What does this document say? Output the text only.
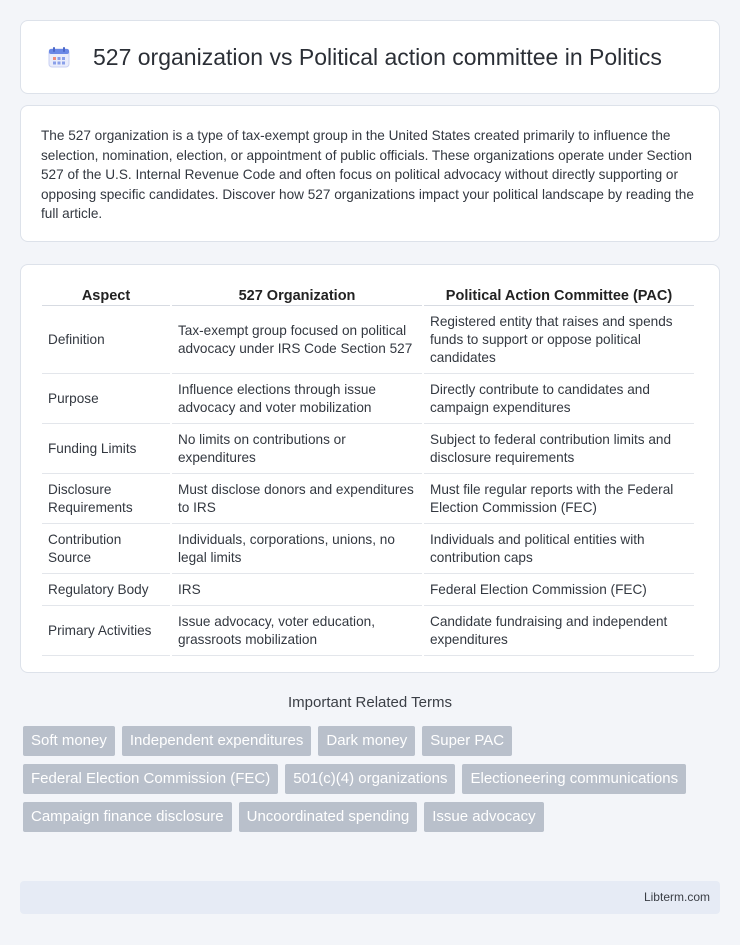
527 organization vs Political action committee in Politics

The 527 organization is a type of tax-exempt group in the United States created primarily to influence the selection, nomination, election, or appointment of public officials. These organizations operate under Section 527 of the U.S. Internal Revenue Code and often focus on political advocacy without directly supporting or opposing specific candidates. Discover how 527 organizations impact your political landscape by reading the full article.

Aspect	527 Organization	Political Action Committee (PAC)
Definition	Tax-exempt group focused on political advocacy under IRS Code Section 527	Registered entity that raises and spends funds to support or oppose political candidates
Purpose	Influence elections through issue advocacy and voter mobilization	Directly contribute to candidates and campaign expenditures
Funding Limits	No limits on contributions or expenditures	Subject to federal contribution limits and disclosure requirements
Disclosure Requirements	Must disclose donors and expenditures to IRS	Must file regular reports with the Federal Election Commission (FEC)
Contribution Source	Individuals, corporations, unions, no legal limits	Individuals and political entities with contribution caps
Regulatory Body	IRS	Federal Election Commission (FEC)
Primary Activities	Issue advocacy, voter education, grassroots mobilization	Candidate fundraising and independent expenditures
Important Related Terms
Soft money	Independent expenditures	Dark money	Super PAC
Federal Election Commission (FEC)	501(c)(4) organizations	Electioneering communications
Campaign finance disclosure	Uncoordinated spending	Issue advocacy
Libterm.com
